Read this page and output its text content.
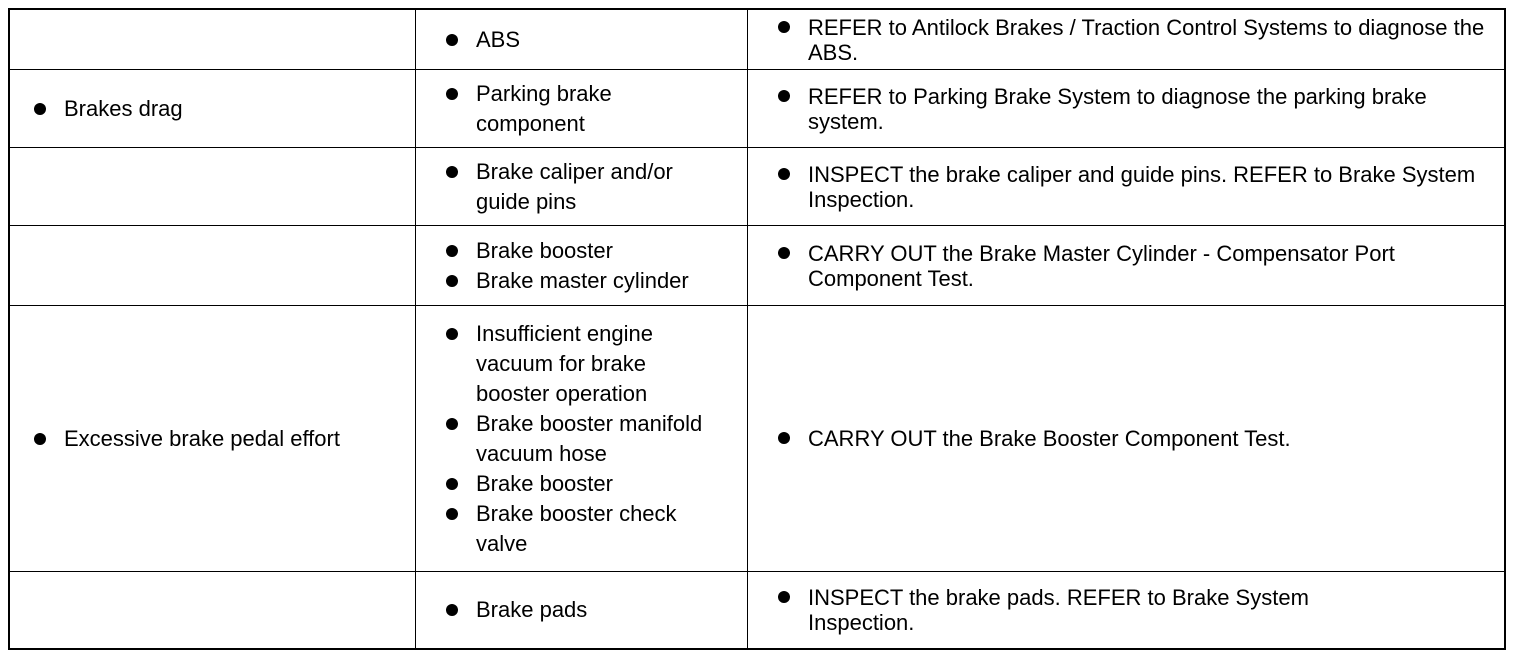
ABS	REFER to Antilock Brakes / Traction Control Systems to diagnose the ABS.
Brakes drag
Parking brake component
REFER to Parking Brake System to diagnose the parking brake system.
Brake caliper and/or guide pins
INSPECT the brake caliper and guide pins. REFER to Brake System Inspection.
Brake booster
Brake master cylinder
CARRY OUT the Brake Master Cylinder - Compensator Port Component Test.
Excessive brake pedal effort
Insufficient engine vacuum for brake booster operation
Brake booster manifold vacuum hose
Brake booster
Brake booster check valve
CARRY OUT the Brake Booster Component Test.
Brake pads	INSPECT the brake pads. REFER to Brake System Inspection.
